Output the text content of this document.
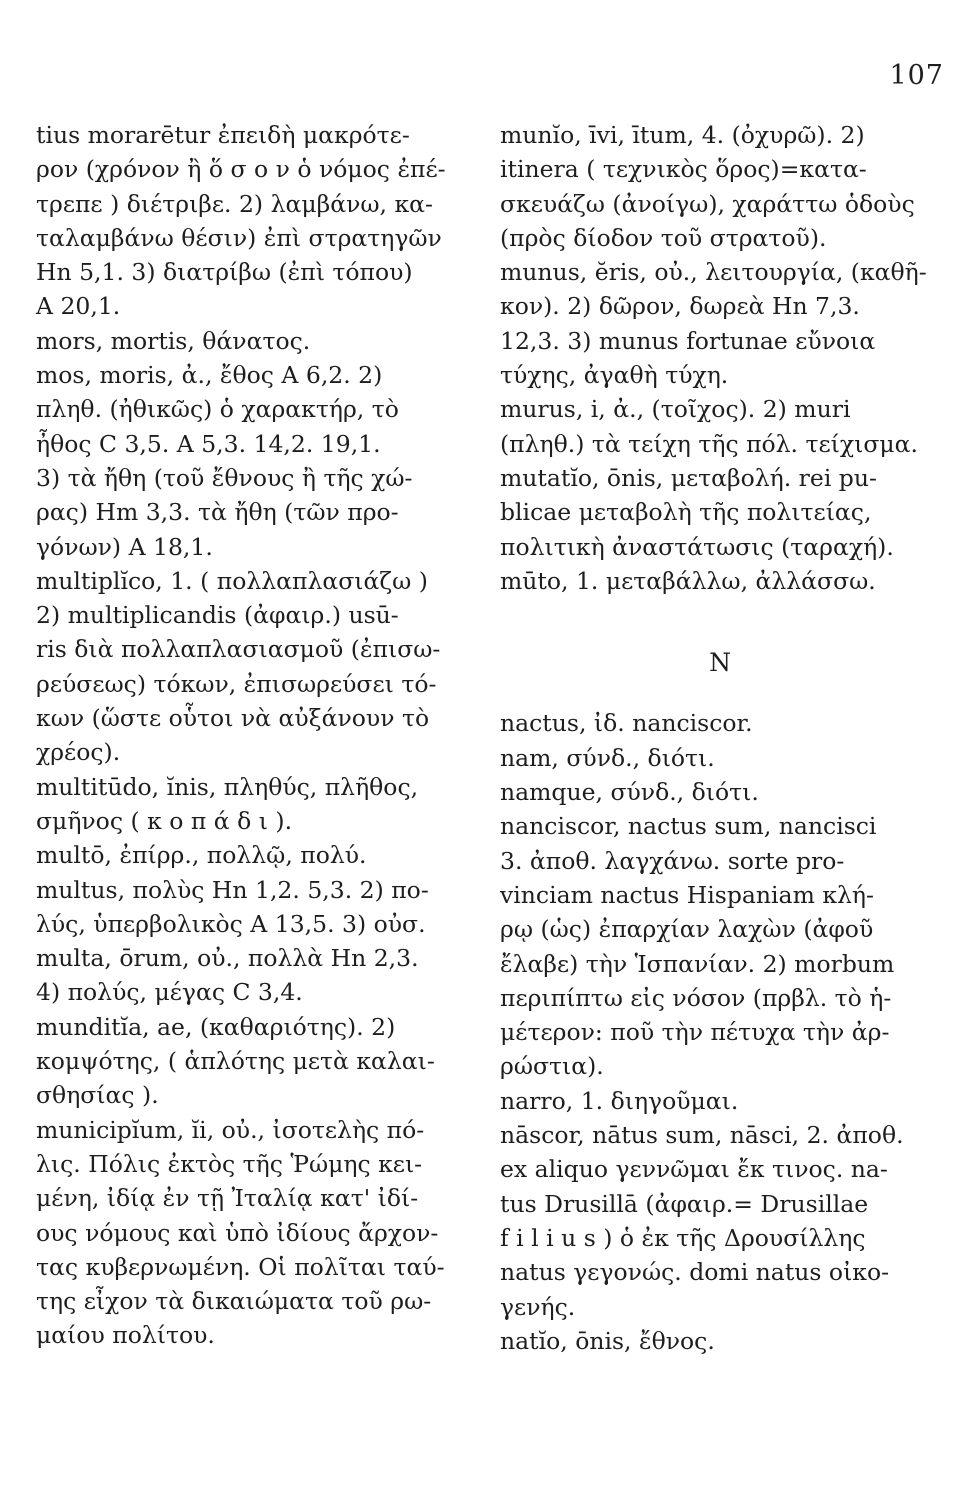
107
tius morarētur ἐπειδὴ μακρότε-
ρον (χρόνον ἢ ὅ σ ο ν ὁ νόμος ἐπέ-
τρεπε ) διέτριβε. 2) λαμβάνω, κα-
ταλαμβάνω θέσιν) ἐπὶ στρατηγῶν
Hn 5,1. 3) διατρίβω (ἐπὶ τόπου)
A 20,1.
mors, mortis, θάνατος.
mos, moris, ἀ., ἔθος A 6,2. 2)
πληθ. (ἠθικῶς) ὁ χαρακτήρ, τὸ
ἦθος C 3,5. A 5,3. 14,2. 19,1.
3) τὰ ἤθη (τοῦ ἔθνους ἢ τῆς χώ-
ρας) Hm 3,3. τὰ ἤθη (τῶν προ-
γόνων) A 18,1.
multiplĭco, 1. ( πολλαπλασιάζω )
2) multiplicandis (ἀφαιρ.) usū-
ris διὰ πολλαπλασιασμοῦ (ἐπισω-
ρεύσεως) τόκων, ἐπισωρεύσει τό-
κων (ὥστε οὗτοι νὰ αὐξάνουν τὸ
χρέος).
multitūdo, ĭnis, πληθύς, πλῆθος,
σμῆνος ( κ ο π ά δ ι ).
multō, ἐπίρρ., πολλῷ, πολύ.
multus, πολὺς Hn 1,2. 5,3. 2) πο-
λύς, ὑπερβολικὸς A 13,5. 3) οὐσ.
multa, ōrum, οὐ., πολλὰ Hn 2,3.
4) πολύς, μέγας C 3,4.
munditĭa, ae, (καθαριότης). 2)
κομψότης, ( ἁπλότης μετὰ καλαι-
σθησίας ).
municipĭum, ĭi, οὐ., ἰσοτελὴς πό-
λις. Πόλις ἐκτὸς τῆς Ῥώμης κει-
μένη, ἰδίᾳ ἐν τῇ Ἰταλίᾳ κατ' ἰδί-
ους νόμους καὶ ὑπὸ ἰδίους ἄρχον-
τας κυβερνωμένη. Οἱ πολῖται ταύ-
της εἶχον τὰ δικαιώματα τοῦ ρω-
μαίου πολίτου.
munĭo, īvi, ītum, 4. (ὀχυρῶ). 2)
itinera ( τεχνικὸς ὅρος)=κατα-
σκευάζω (ἀνοίγω), χαράττω ὁδοὺς
(πρὸς δίοδον τοῦ στρατοῦ).
munus, ĕris, οὐ., λειτουργία, (καθῆ-
κον). 2) δῶρον, δωρεὰ Hn 7,3.
12,3. 3) munus fortunae εὔνοια
τύχης, ἀγαθὴ τύχη.
murus, i, ἀ., (τοῖχος). 2) muri
(πληθ.) τὰ τείχη τῆς πόλ. τείχισμα.
mutatĭo, ōnis, μεταβολή. rei pu-
blicae μεταβολὴ τῆς πολιτείας,
πολιτικὴ ἀναστάτωσις (ταραχή).
mūto, 1. μεταβάλλω, ἀλλάσσω.
N
nactus, ἰδ. nanciscor.
nam, σύνδ., διότι.
namque, σύνδ., διότι.
nanciscor, nactus sum, nancisci
3. ἀποθ. λαγχάνω. sorte pro-
vinciam nactus Hispaniam κλή-
ρῳ (ὡς) ἐπαρχίαν λαχὼν (ἀφοῦ
ἔλαβε) τὴν Ἱσπανίαν. 2) morbum
περιπίπτω εἰς νόσον (πρβλ. τὸ ἡ-
μέτερον: ποῦ τὴν πέτυχα τὴν ἀρ-
ρώστια).
narro, 1. διηγοῦμαι.
nāscor, nātus sum, nāsci, 2. ἀποθ.
ex aliquo γεννῶμαι ἔκ τινος. na-
tus Drusillā (ἀφαιρ.= Drusillae
f i l i u s ) ὁ ἐκ τῆς Δρουσίλλης
natus γεγονώς. domi natus οἰκο-
γενής.
natĭo, ōnis, ἔθνος.
